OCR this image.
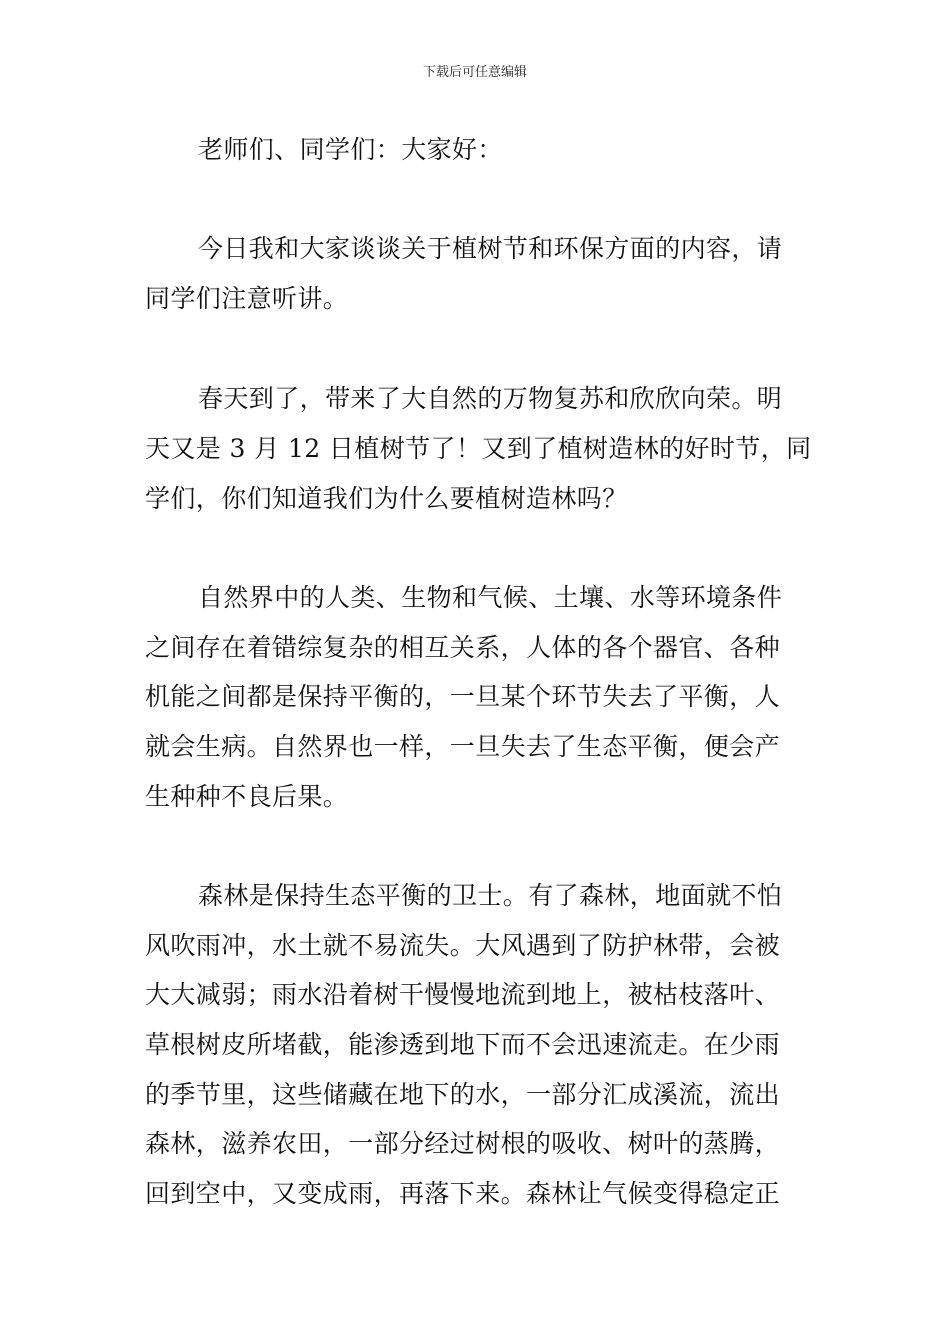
下载后可任意编辑
老师们、同学们：大家好：
今日我和大家谈谈关于植树节和环保方面的内容，请
同学们注意听讲。
春天到了，带来了大自然的万物复苏和欣欣向荣。明
天又是 3 月 12 日植树节了！又到了植树造林的好时节，同
学们，你们知道我们为什么要植树造林吗？
自然界中的人类、生物和气候、土壤、水等环境条件
之间存在着错综复杂的相互关系，人体的各个器官、各种
机能之间都是保持平衡的，一旦某个环节失去了平衡，人
就会生病。自然界也一样，一旦失去了生态平衡，便会产
生种种不良后果。
森林是保持生态平衡的卫士。有了森林，地面就不怕
风吹雨冲，水土就不易流失。大风遇到了防护林带，会被
大大减弱；雨水沿着树干慢慢地流到地上，被枯枝落叶、
草根树皮所堵截，能渗透到地下而不会迅速流走。在少雨
的季节里，这些储藏在地下的水，一部分汇成溪流，流出
森林，滋养农田，一部分经过树根的吸收、树叶的蒸腾，
回到空中，又变成雨，再落下来。森林让气候变得稳定正
